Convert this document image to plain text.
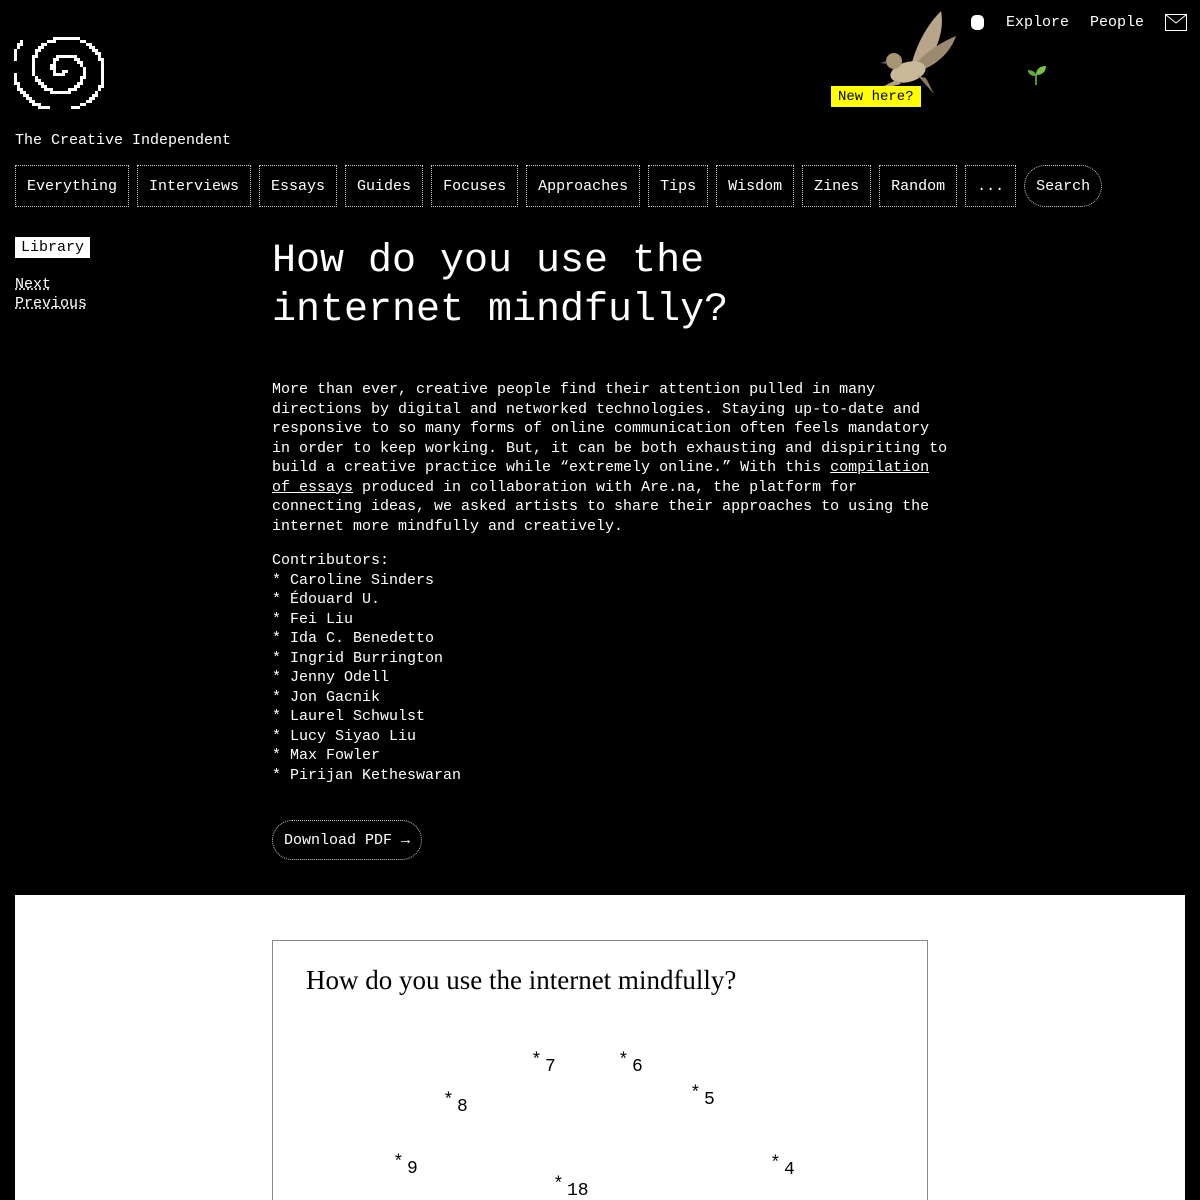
The Creative Independent
New here?
Explore People
Everything	Interviews	Essays	Guides	Focuses	Approaches	Tips	Wisdom	Zines	Random	...	Search
Library
Next
Previous
How do you use the
internet mindfully?
More than ever, creative people find their attention pulled in many directions by digital and networked technologies. Staying up-to-date and responsive to so many forms of online communication often feels mandatory in order to keep working. But, it can be both exhausting and dispiriting to build a creative practice while “extremely online.” With this compilation of essays produced in collaboration with Are.na, the platform for connecting ideas, we asked artists to share their approaches to using the internet more mindfully and creatively.
Contributors:
* Caroline Sinders
* Édouard U.
* Fei Liu
* Ida C. Benedetto
* Ingrid Burrington
* Jenny Odell
* Jon Gacnik
* Laurel Schwulst
* Lucy Siyao Liu
* Max Fowler
* Pirijan Ketheswaran
Download PDF →
How do you use the internet mindfully?
* 7	* 6
* 5
* 8
* 9	* 4
* 18
